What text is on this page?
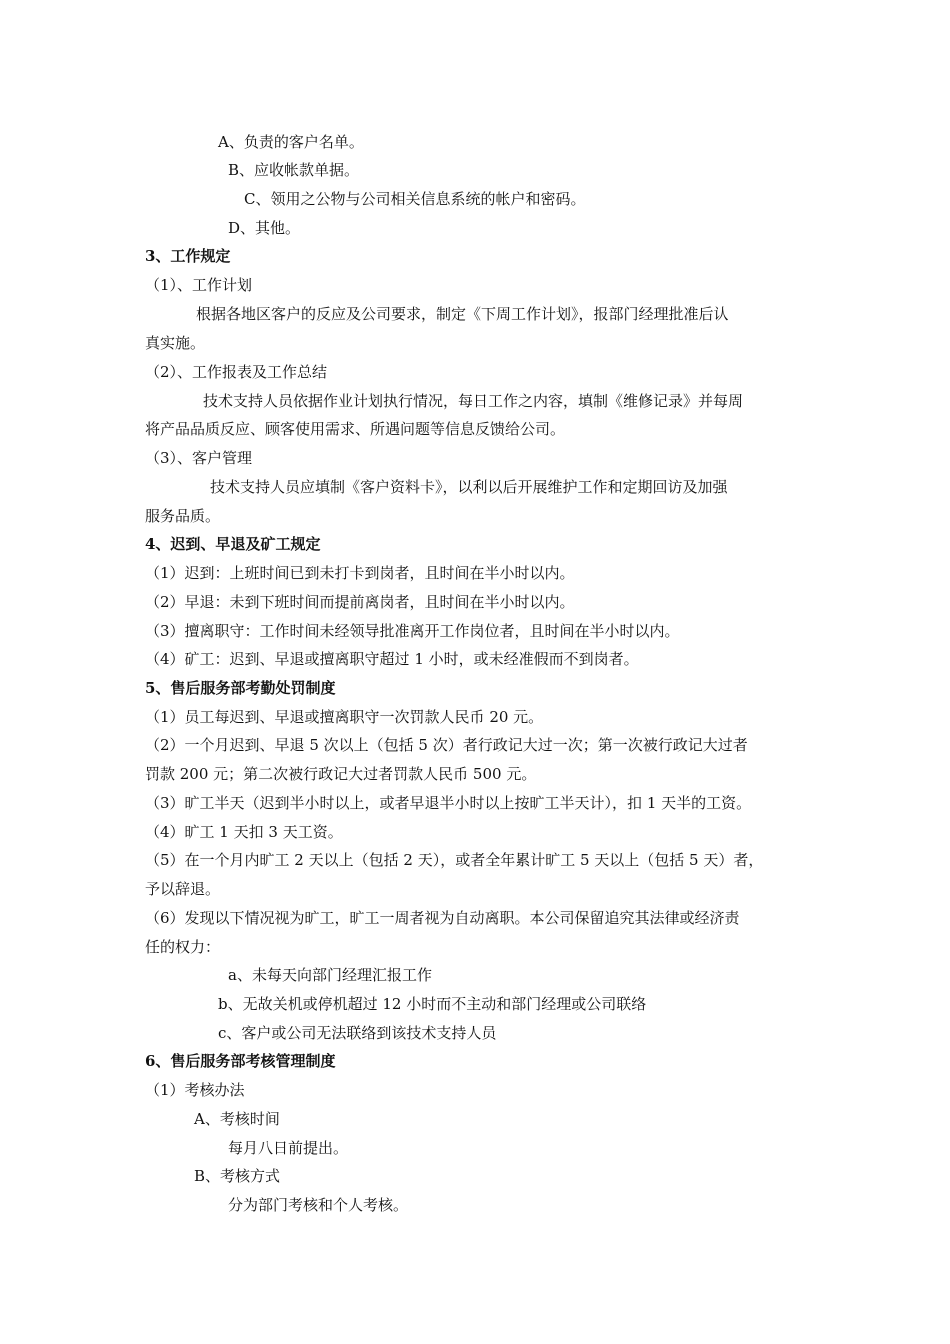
A、负责的客户名单。
B、应收帐款单据。
C、领用之公物与公司相关信息系统的帐户和密码。
D、其他。
3、工作规定
（1）、工作计划
根据各地区客户的反应及公司要求，制定《下周工作计划》，报部门经理批准后认
真实施。
（2）、工作报表及工作总结
技术支持人员依据作业计划执行情况，每日工作之内容，填制《维修记录》并每周
将产品品质反应、顾客使用需求、所遇问题等信息反馈给公司。
（3）、客户管理
技术支持人员应填制《客户资料卡》，以利以后开展维护工作和定期回访及加强
服务品质。
4、迟到、早退及矿工规定
（1）迟到：上班时间已到未打卡到岗者，且时间在半小时以内。
（2）早退：未到下班时间而提前离岗者，且时间在半小时以内。
（3）擅离职守：工作时间未经领导批准离开工作岗位者，且时间在半小时以内。
（4）矿工：迟到、早退或擅离职守超过 1 小时，或未经准假而不到岗者。
5、售后服务部考勤处罚制度
（1）员工每迟到、早退或擅离职守一次罚款人民币 20 元。
（2）一个月迟到、早退 5 次以上（包括 5 次）者行政记大过一次；第一次被行政记大过者
罚款 200 元；第二次被行政记大过者罚款人民币 500 元。
（3）旷工半天（迟到半小时以上，或者早退半小时以上按旷工半天计），扣 1 天半的工资。
（4）旷工 1 天扣 3 天工资。
（5）在一个月内旷工 2 天以上（包括 2 天），或者全年累计旷工 5 天以上（包括 5 天）者，
予以辞退。
（6）发现以下情况视为旷工，旷工一周者视为自动离职。本公司保留追究其法律或经济责
任的权力：
a、未每天向部门经理汇报工作
b、无故关机或停机超过 12 小时而不主动和部门经理或公司联络
c、客户或公司无法联络到该技术支持人员
6、售后服务部考核管理制度
（1）考核办法
A、考核时间
每月八日前提出。
B、考核方式
分为部门考核和个人考核。
